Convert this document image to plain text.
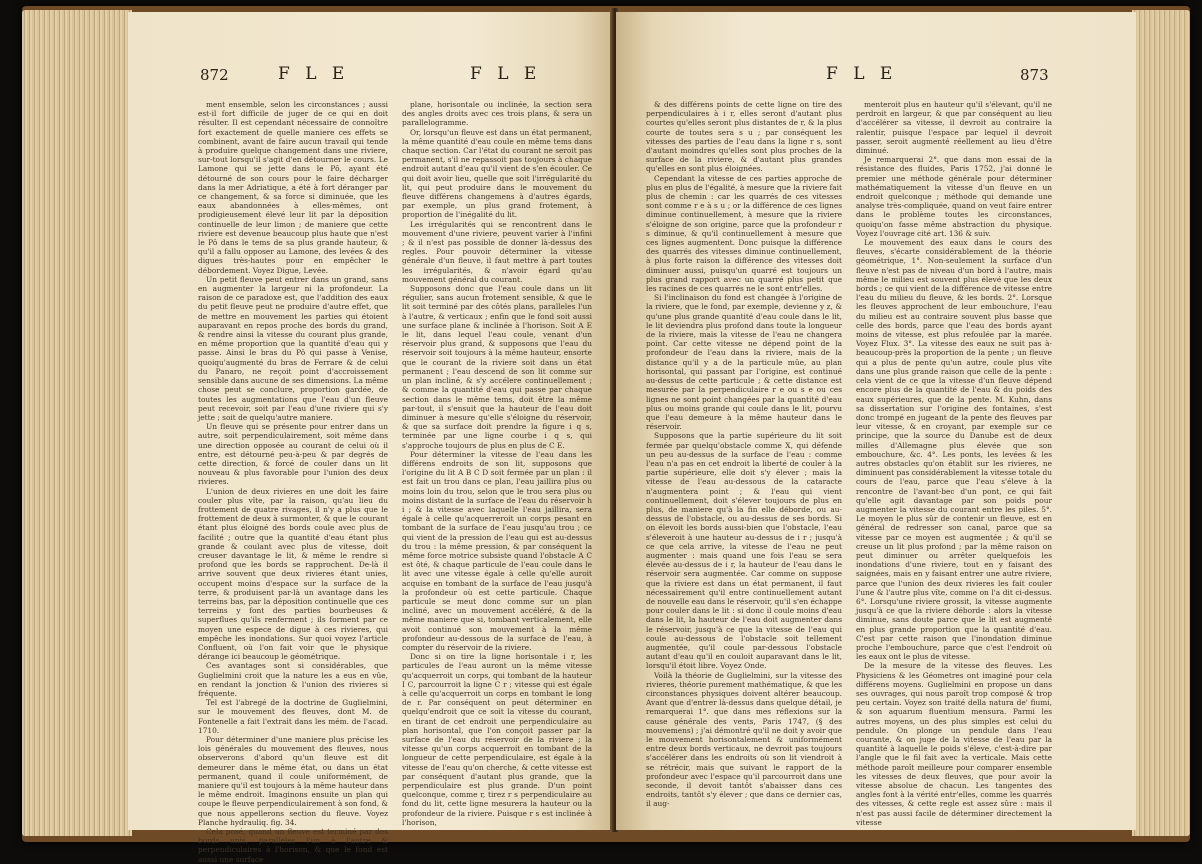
872	F L E	F L E

ment ensemble, selon les circonstances ; aussi est-il fort difficile de juger de ce qui en doit résulter. Il est cependant nécessaire de connoître fort exactement de quelle maniere ces effets se combinent, avant de faire aucun travail qui tende à produire quelque changement dans une riviere, sur-tout lorsqu'il s'agit d'en détourner le cours. Le Lamone qui se jette dans le Pô, ayant été détourné de son cours pour le faire décharger dans la mer Adriatique, a été à fort déranger par ce changement, & sa force si diminuée, que les eaux abandonnées à elles-mêmes, ont prodigieusement élevé leur lit par la déposition continuelle de leur limon ; de maniere que cette riviere est devenue beaucoup plus haute que n'est le Pô dans le tems de sa plus grande hauteur, & qu'il a fallu opposer au Lamone, des levées & des digues très-hautes pour en empêcher le débordement. Voyez Digue, Levée.

Un petit fleuve peut entrer dans un grand, sans en augmenter la largeur ni la profondeur. La raison de ce paradoxe est, que l'addition des eaux du petit fleuve peut ne produire d'autre effet, que de mettre en mouvement les parties qui étoient auparavant en repos proche des bords du grand, & rendre ainsi la vitesse du courant plus grande, en même proportion que la quantité d'eau qui y passe. Ainsi le bras du Pô qui passe à Venise, quoiqu'augmenté du bras de Ferrare & de celui du Panaro, ne reçoit point d'accroissement sensible dans aucune de ses dimensions. La même chose peut se conclure, proportion gardée, de toutes les augmentations que l'eau d'un fleuve peut recevoir, soit par l'eau d'une riviere qui s'y jette ; soit de quelqu'autre maniere.

Un fleuve qui se présente pour entrer dans un autre, soit perpendiculairement, soit même dans une direction opposée au courant de celui où il entre, est détourné peu-à-peu & par degrés de cette direction, & forcé de couler dans un lit nouveau & plus favorable pour l'union des deux rivieres.

L'union de deux rivieres en une doit les faire couler plus vîte, par la raison, qu'au lieu du frottement de quatre rivages, il n'y a plus que le frottement de deux à surmonter, & que le courant étant plus éloigné des bords coule avec plus de facilité ; outre que la quantité d'eau étant plus grande & coulant avec plus de vitesse, doit creuser davantage le lit, & même le rendre si profond que les bords se rapprochent. De-là il arrive souvent que deux rivieres étant unies, occupent moins d'espace sur la surface de la terre, & produisent par-là un avantage dans les terreins bas, par la déposition continuelle que ces terreins y font des parties bourbeuses & superflues qu'ils renferment ; ils forment par ce moyen une espece de digue à ces rivieres, qui empêche les inondations. Sur quoi voyez l'article Confluent, où l'on fait voir que le physique dérange ici beaucoup le géométrique.

Ces avantages sont si considérables, que Guglielmini croit que la nature les a eus en vûe, en rendant la jonction & l'union des rivieres si fréquente.

Tel est l'abregé de la doctrine de Guglielmini, sur le mouvement des fleuves, dont M. de Fontenelle a fait l'extrait dans les mém. de l'acad. 1710.

Pour déterminer d'une maniere plus précise les lois générales du mouvement des fleuves, nous observerons d'abord qu'un fleuve est dit demeurer dans le même état, ou dans un état permanent, quand il coule uniformément, de maniere qu'il est toujours à la même hauteur dans le même endroit. Imaginons ensuite un plan qui coupe le fleuve perpendiculairement à son fond, & que nous appellerons section du fleuve. Voyez Planche hydrauliq. fig. 34.

Cela posé, quand un fleuve est terminé par des bords unis, paralleles l'un à l'autre & perpendiculaires à l'horison, & que le fond est aussi une surface

plane, horisontale ou inclinée, la section sera des angles droits avec ces trois plans, & sera un parallelogramme.

Or, lorsqu'un fleuve est dans un état permanent, la même quantité d'eau coule en même tems dans chaque section. Car l'état du courant ne seroit pas permanent, s'il ne repassoit pas toujours à chaque endroit autant d'eau qu'il vient de s'en écouler. Ce qui doit avoir lieu, quelle que soit l'irrégularité du lit, qui peut produire dans le mouvement du fleuve différens changemens à d'autres égards, par exemple, un plus grand frotement, à proportion de l'inégalité du lit.

Les irrégularités qui se rencontrent dans le mouvement d'une riviere, peuvent varier à l'infini ; & il n'est pas possible de donner là-dessus des regles. Pour pouvoir déterminer la vitesse générale d'un fleuve, il faut mettre à part toutes les irrégularités, & n'avoir égard qu'au mouvement général du courant.

Supposons donc que l'eau coule dans un lit régulier, sans aucun frotement sensible, & que le lit soit terminé par des côtés plans, paralleles l'un à l'autre, & verticaux ; enfin que le fond soit aussi une surface plane & inclinée à l'horison. Soit A E le lit, dans lequel l'eau coule, venant d'un réservoir plus grand, & supposons que l'eau du réservoir soit toujours à la même hauteur, ensorte que le courant de la riviere soit dans un état permanent ; l'eau descend de son lit comme sur un plan incliné, & s'y accélere continuellement ; & comme la quantité d'eau qui passe par chaque section dans le même tems, doit être la même par-tout, il s'ensuit que la hauteur de l'eau doit diminuer à mesure qu'elle s'éloigne du réservoir, & que sa surface doit prendre la figure i q s, terminée par une ligne courbe i q s, qui s'approche toujours de plus en plus de C E.

Pour déterminer la vitesse de l'eau dans les différens endroits de son lit, supposons que l'origine du lit A B C D soit fermée par un plan : il est fait un trou dans ce plan, l'eau jaillira plus ou moins loin du trou, selon que le trou sera plus ou moins distant de la surface de l'eau du réservoir h i ; & la vitesse avec laquelle l'eau jaillira, sera égale à celle qu'acquerreroit un corps pesant en tombant de la surface de l'eau jusqu'au trou ; ce qui vient de la pression de l'eau qui est au-dessus du trou : la même pression, & par conséquent la même force motrice subsiste quand l'obstacle A C est ôté, & chaque particule de l'eau coule dans le lit avec une vitesse égale à celle qu'elle auroit acquise en tombant de la surface de l'eau jusqu'à la profondeur où est cette particule. Chaque particule se meut donc comme sur un plan incliné, avec un mouvement accéléré, & de la même maniere que si, tombant verticalement, elle avoit continué son mouvement à la même profondeur au-dessous de la surface de l'eau, à compter du réservoir de la riviere.

Donc si on tire la ligne horisontale i r, les particules de l'eau auront un la même vitesse qu'acquerroit un corps, qui tombant de la hauteur I C, parcourroit la ligne C r ; vitesse qui est égale à celle qu'acquerroit un corps en tombant le long de r. Par conséquent on peut déterminer en quelqu'endroit que ce soit la vitesse du courant, en tirant de cet endroit une perpendiculaire au plan horisontal, que l'on conçoit passer par la surface de l'eau du réservoir de la riviere ; la vitesse qu'un corps acquerroit en tombant de la longueur de cette perpendiculaire, est égale à la vitesse de l'eau qu'on cherche, & cette vitesse est par conséquent d'autant plus grande, que la perpendiculaire est plus grande. D'un point quelconque, comme r, tirez r s perpendiculaire au fond du lit, cette ligne mesurera la hauteur ou la profondeur de la riviere. Puisque r s est inclinée à l'horison,

F L E	873

& des différens points de cette ligne on tire des perpendiculaires à i r, elles seront d'autant plus courtes qu'elles seront plus distantes de r, & la plus courte de toutes sera s u ; par conséquent les vitesses des parties de l'eau dans la ligne r s, sont d'autant moindres qu'elles sont plus proches de la surface de la riviere, & d'autant plus grandes qu'elles en sont plus éloignées.

Cependant la vitesse de ces parties approche de plus en plus de l'égalité, à mesure que la riviere fait plus de chemin : car les quarrés de ces vitesses sont comme r e à s u ; or la différence de ces lignes diminue continuellement, à mesure que la riviere s'éloigne de son origine, parce que la profondeur r s diminue, & qu'il continuellement à mesure que ces lignes augmentent. Donc puisque la différence des quarrés des vitesses diminue continuellement, à plus forte raison la différence des vitesses doit diminuer aussi, puisqu'un quarré est toujours un plus grand rapport avec un quarré plus petit que les racines de ces quarrés ne le sont entr'elles.

Si l'inclinaison du fond est changée à l'origine de la riviere, que le fond, par exemple, devienne y z, & qu'une plus grande quantité d'eau coule dans le lit, le lit deviendra plus profond dans toute la longueur de la riviere, mais la vitesse de l'eau ne changera point. Car cette vitesse ne dépend point de la profondeur de l'eau dans la riviere, mais de la distance qu'il y a de la particule mûe, au plan horisontal, qui passant par l'origine, est continué au-dessus de cette particule ; & cette distance est mesurée par la perpendiculaire r e ou s e ou ces lignes ne sont point changées par la quantité d'eau plus ou moins grande qui coule dans le lit, pourvu que l'eau demeure à la même hauteur dans le réservoir.

Supposons que la partie supérieure du lit soit fermée par quelqu'obstacle comme X, qui défende un peu au-dessus de la surface de l'eau : comme l'eau n'a pas en cet endroit la liberté de couler à la partie supérieure, elle doit s'y élever ; mais la vitesse de l'eau au-dessous de la cataracte n'augmentera point ; & l'eau qui vient continuellement, doit s'élever toujours de plus en plus, de maniere qu'à la fin elle déborde, ou au-dessus de l'obstacle, ou au-dessus de ses bords. Si on élevoit les bords aussi-bien que l'obstacle, l'eau s'éleveroit à une hauteur au-dessus de i r ; jusqu'à ce que cela arrive, la vitesse de l'eau ne peut augmenter : mais quand une fois l'eau se sera élevée au-dessus de i r, la hauteur de l'eau dans le réservoir sera augmentée. Car comme on suppose que la riviere est dans un état permanent, il faut nécessairement qu'il entre continuellement autant de nouvelle eau dans le réservoir, qu'il s'en échappe pour couler dans le lit : si donc il coule moins d'eau dans le lit, la hauteur de l'eau doit augmenter dans le réservoir, jusqu'à ce que la vitesse de l'eau qui coule au-dessous de l'obstacle soit tellement augmentée, qu'il coule par-dessous l'obstacle autant d'eau qu'il en couloit auparavant dans le lit, lorsqu'il étoit libre. Voyez Onde.

Voilà la théorie de Guglielmini, sur la vitesse des rivieres, théorie purement mathématique, & que les circonstances physiques doivent altérer beaucoup. Avant que d'entrer là-dessus dans quelque détail, je remarquerai 1°. que dans mes réflexions sur la cause générale des vents, Paris 1747, (§ des mouvemens) ; j'ai démontré qu'il ne doit y avoir que le mouvement horisontalement & uniformément entre deux bords verticaux, ne devroit pas toujours s'accélérer dans les endroits où son lit viendroit à se rétrécir, mais que suivant le rapport de la profondeur avec l'espace qu'il parcourroit dans une seconde, il devoit tantôt s'abaisser dans ces endroits, tantôt s'y élever ; que dans ce dernier cas, il aug-

menteroit plus en hauteur qu'il s'élevant, qu'il ne perdroit en largeur, & que par conséquent au lieu d'accélérer sa vitesse, il devroit au contraire la ralentir, puisque l'espace par lequel il devroit passer, seroit augmenté réellement au lieu d'être diminué.

Je remarquerai 2°. que dans mon essai de la résistance des fluides, Paris 1752, j'ai donné le premier une méthode générale pour déterminer mathématiquement la vitesse d'un fleuve en un endroit quelconque ; méthode qui demande une analyse très-compliquée, quand on veut faire entrer dans le problème toutes les circonstances, quoiqu'on fasse même abstraction du physique. Voyez l'ouvrage cité art. 136 & suiv.

Le mouvement des eaux dans le cours des fleuves, s'écarte considérablement de la théorie géométrique, 1°. Non-seulement la surface d'un fleuve n'est pas de niveau d'un bord à l'autre, mais même le milieu est souvent plus élevé que les deux bords ; ce qui vient de la différence de vitesse entre l'eau du milieu du fleuve, & les bords. 2°. Lorsque les fleuves approchent de leur embouchure, l'eau du milieu est au contraire souvent plus basse que celle des bords, parce que l'eau des bords ayant moins de vitesse, est plus refoulée par la marée. Voyez Flux. 3°. La vitesse des eaux ne suit pas à-beaucoup-près la proportion de la pente ; un fleuve qui a plus de pente qu'un autre, coule plus vîte dans une plus grande raison que celle de la pente : cela vient de ce que la vitesse d'un fleuve dépend encore plus de la quantité de l'eau & du poids des eaux supérieures, que de la pente. M. Kuhn, dans sa dissertation sur l'origine des fontaines, s'est donc trompé en jugeant de la pente des fleuves par leur vitesse, & en croyant, par exemple sur ce principe, que la source du Danube est de deux milles d'Allemagne plus élevée que son embouchure, &c. 4°. Les ponts, les levées & les autres obstacles qu'on établit sur les rivieres, ne diminuent pas considérablement la vitesse totale du cours de l'eau, parce que l'eau s'éleve à la rencontre de l'avant-bec d'un pont, ce qui fait qu'elle agit davantage par son poids pour augmenter la vitesse du courant entre les piles. 5°. Le moyen le plus sûr de contenir un fleuve, est en général de redresser son canal, parce que sa vitesse par ce moyen est augmentée ; & qu'il se creuse un lit plus profond ; par la même raison on peut diminuer ou arrêter quelquefois les inondations d'une riviere, tout en y faisant des saignées, mais en y faisant entrer une autre riviere, parce que l'union des deux rivieres les fait couler l'une & l'autre plus vîte, comme on l'a dit ci-dessus. 6°. Lorsqu'une riviere grossit, la vitesse augmente jusqu'à ce que la riviere déborde : alors la vitesse diminue, sans doute parce que le lit est augmenté en plus grande proportion que la quantité d'eau. C'est par cette raison que l'inondation diminue proche l'embouchure, parce que c'est l'endroit où les eaux ont le plus de vitesse.

De la mesure de la vitesse des fleuves. Les Physiciens & les Géometres ont imaginé pour cela différens moyens. Guglielmini en propose un dans ses ouvrages, qui nous paroît trop composé & trop peu certain. Voyez son traité della natura de' fiumi, & son aquarum fluentium mensura. Parmi les autres moyens, un des plus simples est celui du pendule. On plonge un pendule dans l'eau courante, & on juge de la vitesse de l'eau par la quantité à laquelle le poids s'éleve, c'est-à-dire par l'angle que le fil fait avec la verticale. Mais cette méthode paroît meilleure pour comparer ensemble les vitesses de deux fleuves, que pour avoir la vitesse absolue de chacun. Les tangentes des angles font à la vérité entr'elles, comme les quarrés des vitesses, & cette regle est assez sûre : mais il n'est pas aussi facile de déterminer directement la vitesse
